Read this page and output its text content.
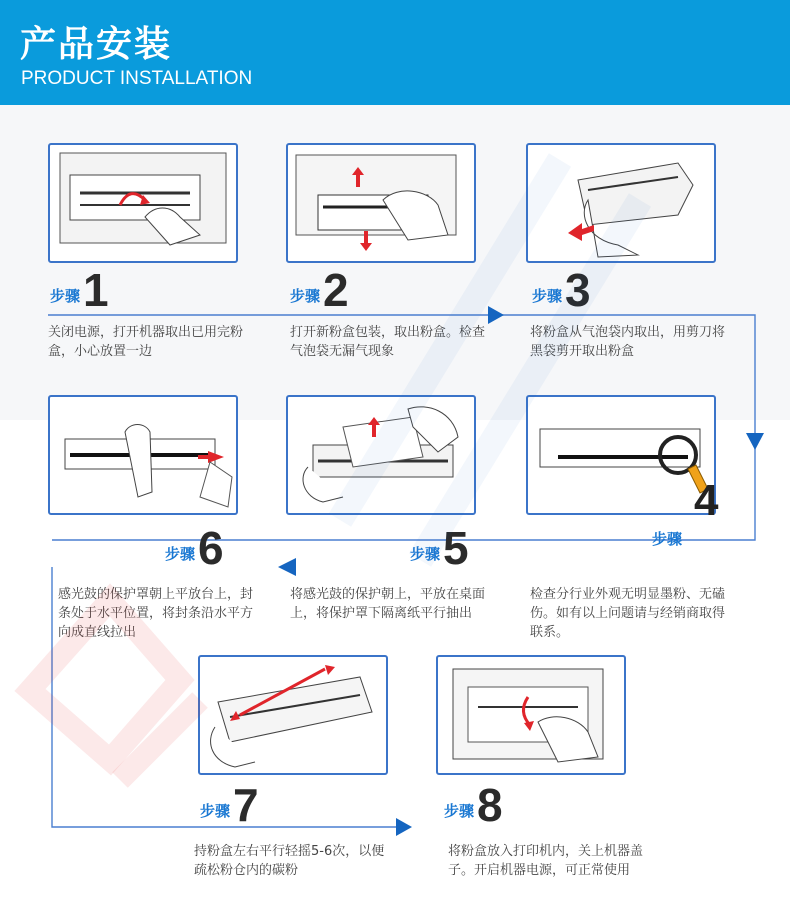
产品安装
PRODUCT INSTALLATION
步骤 1
关闭电源，打开机器取出已用完粉盒，小心放置一边
步骤 2
打开新粉盒包装，取出粉盒。检查气泡袋无漏气现象
步骤 3
将粉盒从气泡袋内取出，用剪刀将黑袋剪开取出粉盒
步骤 6
感光鼓的保护罩朝上平放台上，封条处于水平位置，将封条沿水平方向成直线拉出
步骤 5
将感光鼓的保护朝上，平放在桌面上，将保护罩下隔离纸平行抽出
4
步骤
检查分行业外观无明显墨粉、无磕伤。如有以上问题请与经销商取得联系。
步骤 7
持粉盒左右平行轻摇5-6次，以便疏松粉仓内的碳粉
步骤 8
将粉盒放入打印机内，关上机器盖子。开启机器电源，可正常使用
